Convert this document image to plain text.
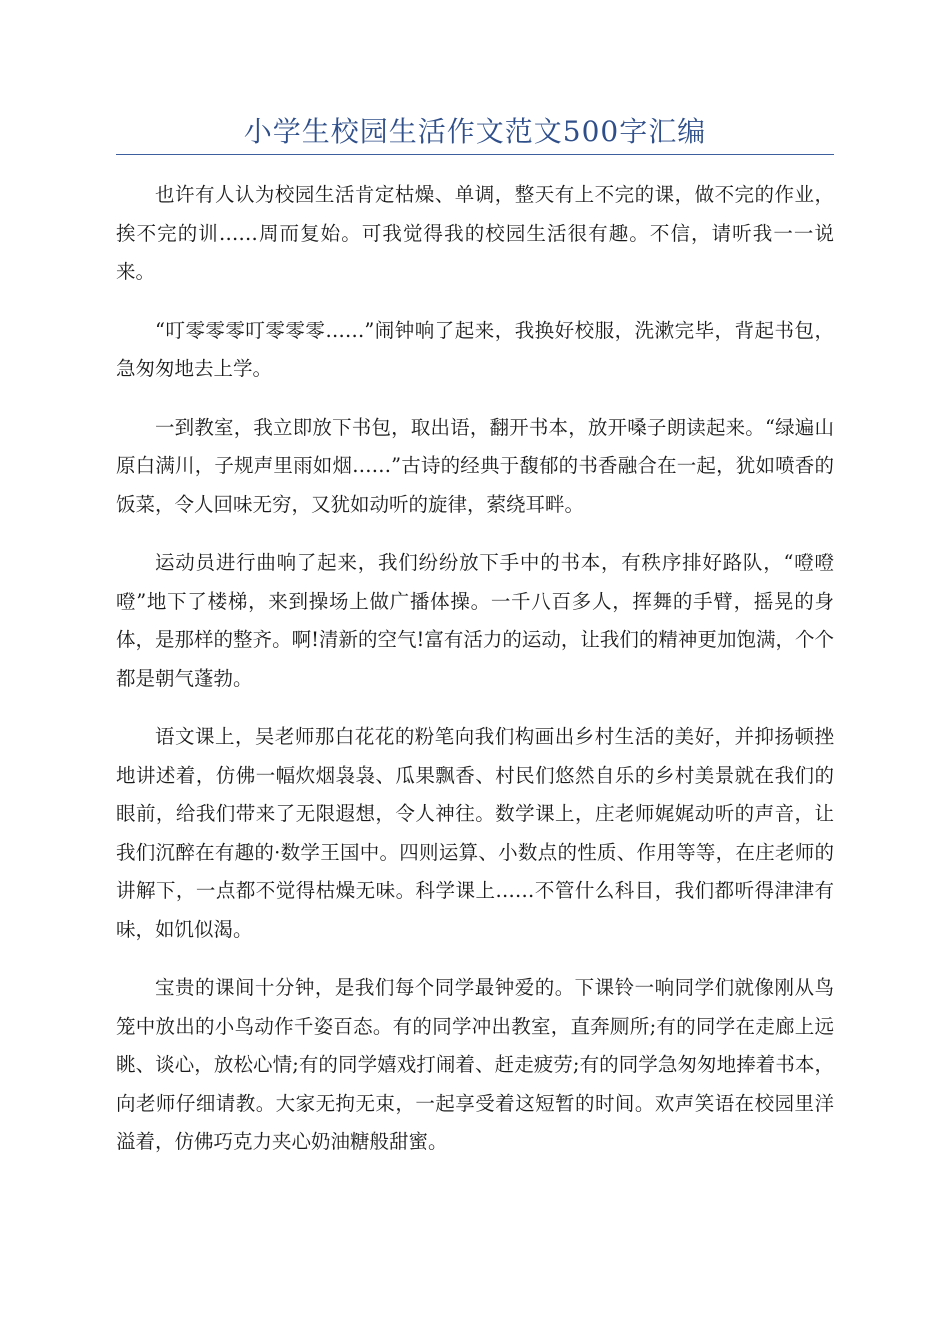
小学生校园生活作文范文500字汇编

也许有人认为校园生活肯定枯燥、单调，整天有上不完的课，做不完的作业，挨不完的训……周而复始。可我觉得我的校园生活很有趣。不信，请听我一一说来。

“叮零零零叮零零零……”闹钟响了起来，我换好校服，洗漱完毕，背起书包，急匆匆地去上学。

一到教室，我立即放下书包，取出语，翻开书本，放开嗓子朗读起来。“绿遍山原白满川，子规声里雨如烟……”古诗的经典于馥郁的书香融合在一起，犹如喷香的饭菜，令人回味无穷，又犹如动听的旋律，萦绕耳畔。

运动员进行曲响了起来，我们纷纷放下手中的书本，有秩序排好路队，“噔噔噔”地下了楼梯，来到操场上做广播体操。一千八百多人，挥舞的手臂，摇晃的身体，是那样的整齐。啊!清新的空气!富有活力的运动，让我们的精神更加饱满，个个都是朝气蓬勃。

语文课上，吴老师那白花花的粉笔向我们构画出乡村生活的美好，并抑扬顿挫地讲述着，仿佛一幅炊烟袅袅、瓜果飘香、村民们悠然自乐的乡村美景就在我们的眼前，给我们带来了无限遐想，令人神往。数学课上，庄老师娓娓动听的声音，让我们沉醉在有趣的·数学王国中。四则运算、小数点的性质、作用等等，在庄老师的讲解下，一点都不觉得枯燥无味。科学课上……不管什么科目，我们都听得津津有味，如饥似渴。

宝贵的课间十分钟，是我们每个同学最钟爱的。下课铃一响同学们就像刚从鸟笼中放出的小鸟动作千姿百态。有的同学冲出教室，直奔厕所;有的同学在走廊上远眺、谈心，放松心情;有的同学嬉戏打闹着、赶走疲劳;有的同学急匆匆地捧着书本，向老师仔细请教。大家无拘无束，一起享受着这短暂的时间。欢声笑语在校园里洋溢着，仿佛巧克力夹心奶油糖般甜蜜。
